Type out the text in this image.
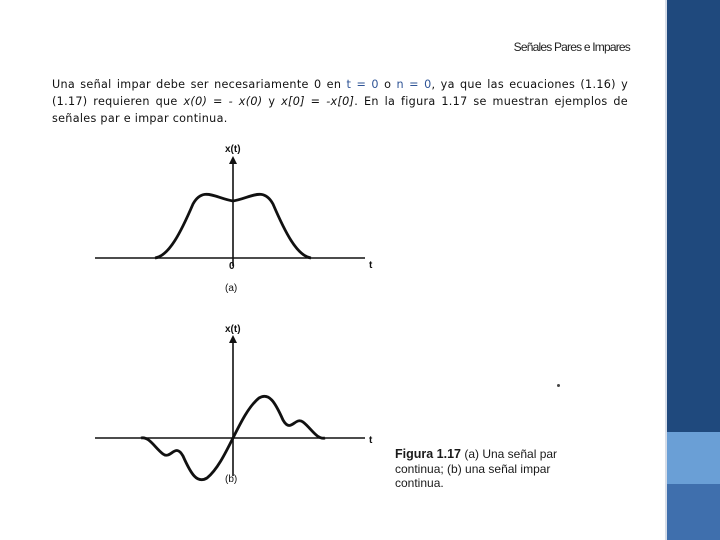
Señales Pares e Impares
Una señal impar debe ser necesariamente 0 en t = 0 o n = 0, ya que las ecuaciones (1.16) y (1.17) requieren que x(0) = - x(0) y x[0] = -x[0]. En la figura 1.17 se muestran ejemplos de señales par e impar continua.
x(t)
0	t
(a)
x(t)
t
(b)
Figura 1.17 (a) Una señal par continua; (b) una señal impar continua.
